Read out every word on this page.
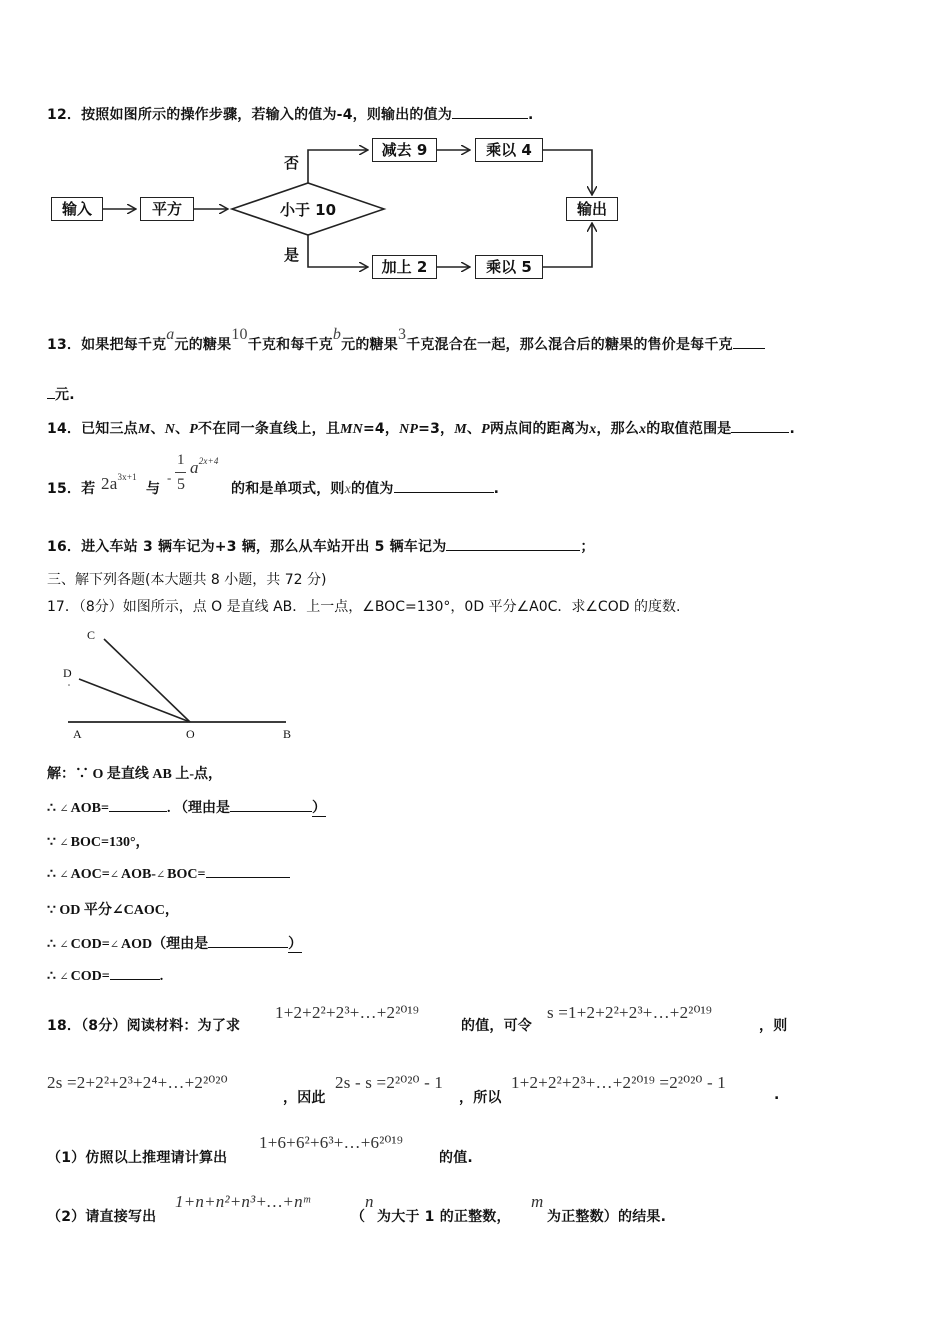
12．按照如图所示的操作步骤，若输入的值为-4，则输出的值为	.
输入	平方	小于 10
否
是
减去 9	乘以 4
加上 2	乘以 5
输出
13．如果把每千克a元的糖果10千克和每千克b元的糖果3千克混合在一起，那么混合后的糖果的售价是每千克
元.
14．已知三点M、N、P不在同一条直线上，且MN=4，NP=3，M、P两点间的距离为x，那么x的取值范围是	.
15．若 $2a^{3x+1}$
与
-
1
5
$a^{2x+4}$
的和是单项式，则x的值为	.
16．进入车站 3 辆车记为+3 辆，那么从车站开出 5 辆车记为	；
三、解下列各题(本大题共 8 小题，共 72 分)
17．（8分）如图所示，点 O 是直线 AB．上一点，∠BOC=130°，0D 平分∠A0C．求∠COD 的度数.
C
D
A	O	B
解：∵ O 是直线 AB 上-点，
∴ ∠ AOB=	. （理由是	）
∵ ∠ BOC=130°，
∴ ∠ AOC=∠ AOB-∠ BOC=
∵ OD 平分∠CAOC，
∴ ∠ COD=∠ AOD（理由是	）
∴ ∠ COD=	.
18．（8分）阅读材料：为了求
1+2+2²+2³+…+2²⁰¹⁹
的值，可令
s =1+2+2²+2³+…+2²⁰¹⁹
，则
2s =2+2²+2³+2⁴+…+2²⁰²⁰
，因此
2s - s =2²⁰²⁰ - 1
，所以
1+2+2²+2³+…+2²⁰¹⁹ =2²⁰²⁰ - 1
.
（1）仿照以上推理请计算出
1+6+6²+6³+…+6²⁰¹⁹
的值.
（2）请直接写出
1+n+n²+n³+…+nᵐ
（
n
为大于 1 的正整数，
m
为正整数）的结果.
